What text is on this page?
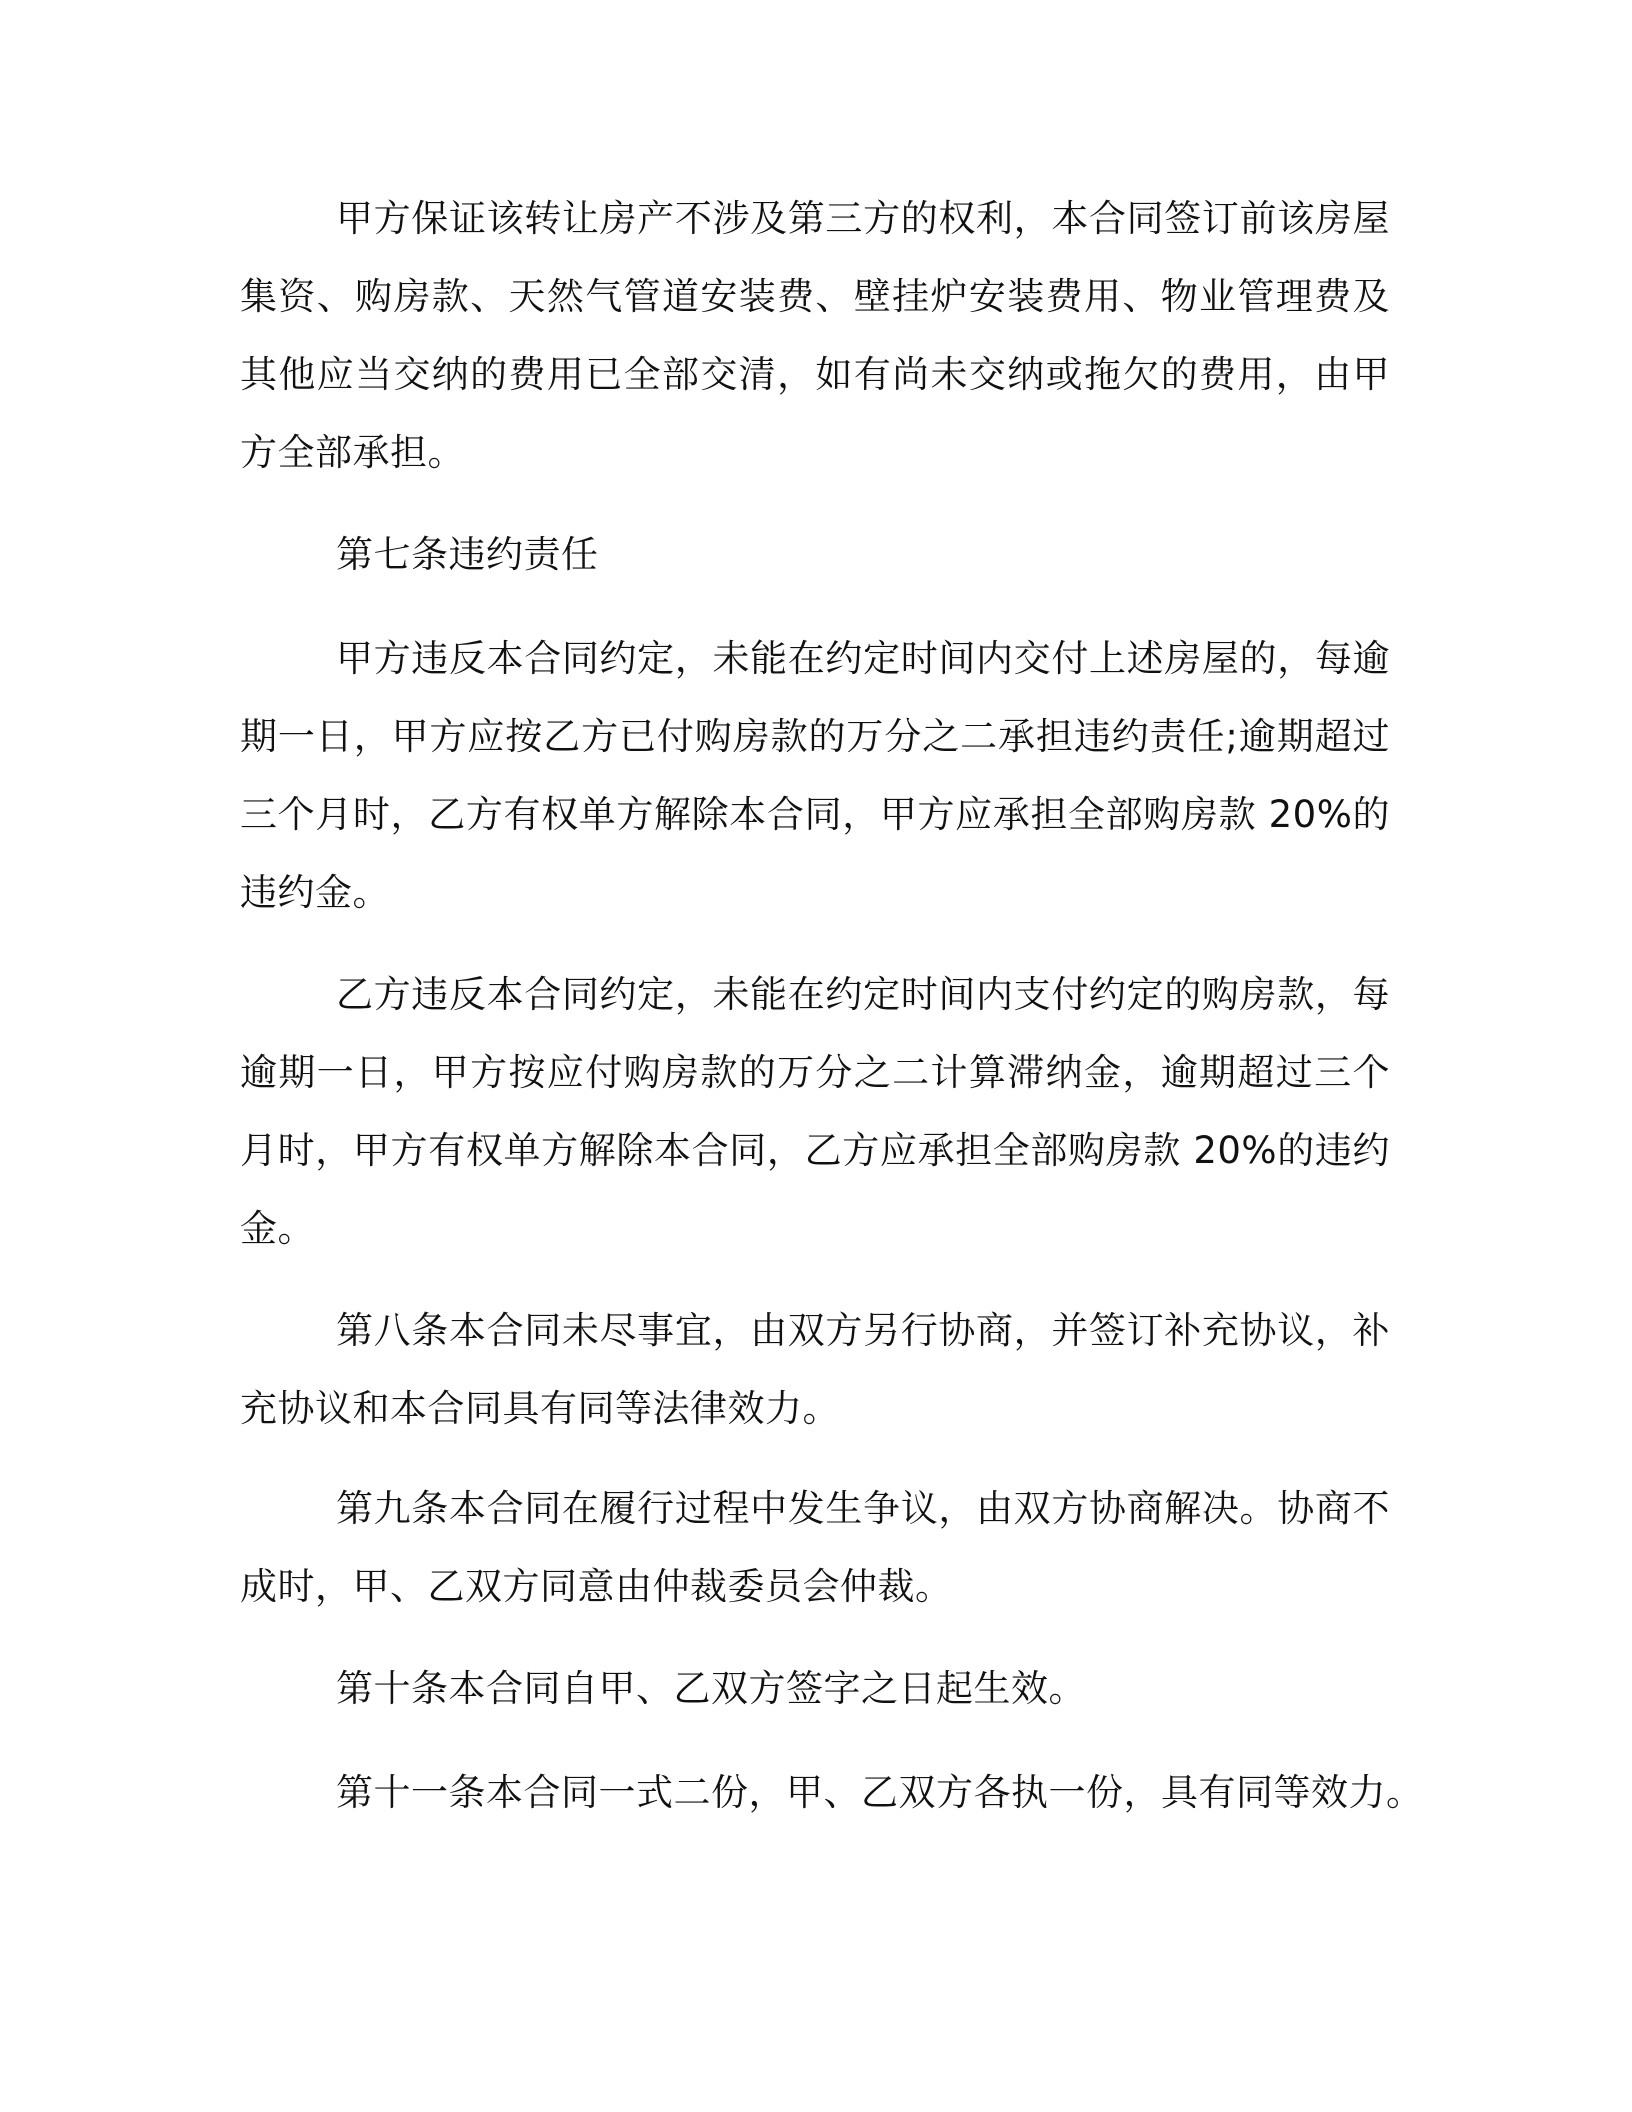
甲方保证该转让房产不涉及第三方的权利，本合同签订前该房屋集资、购房款、天然气管道安装费、壁挂炉安装费用、物业管理费及其他应当交纳的费用已全部交清，如有尚未交纳或拖欠的费用，由甲方全部承担。

第七条违约责任

甲方违反本合同约定，未能在约定时间内交付上述房屋的，每逾期一日，甲方应按乙方已付购房款的万分之二承担违约责任;逾期超过三个月时，乙方有权单方解除本合同，甲方应承担全部购房款 20%的违约金。

乙方违反本合同约定，未能在约定时间内支付约定的购房款，每逾期一日，甲方按应付购房款的万分之二计算滞纳金，逾期超过三个月时，甲方有权单方解除本合同，乙方应承担全部购房款 20%的违约金。

第八条本合同未尽事宜，由双方另行协商，并签订补充协议，补充协议和本合同具有同等法律效力。

第九条本合同在履行过程中发生争议，由双方协商解决。协商不成时，甲、乙双方同意由仲裁委员会仲裁。

第十条本合同自甲、乙双方签字之日起生效。

第十一条本合同一式二份，甲、乙双方各执一份，具有同等效力。
